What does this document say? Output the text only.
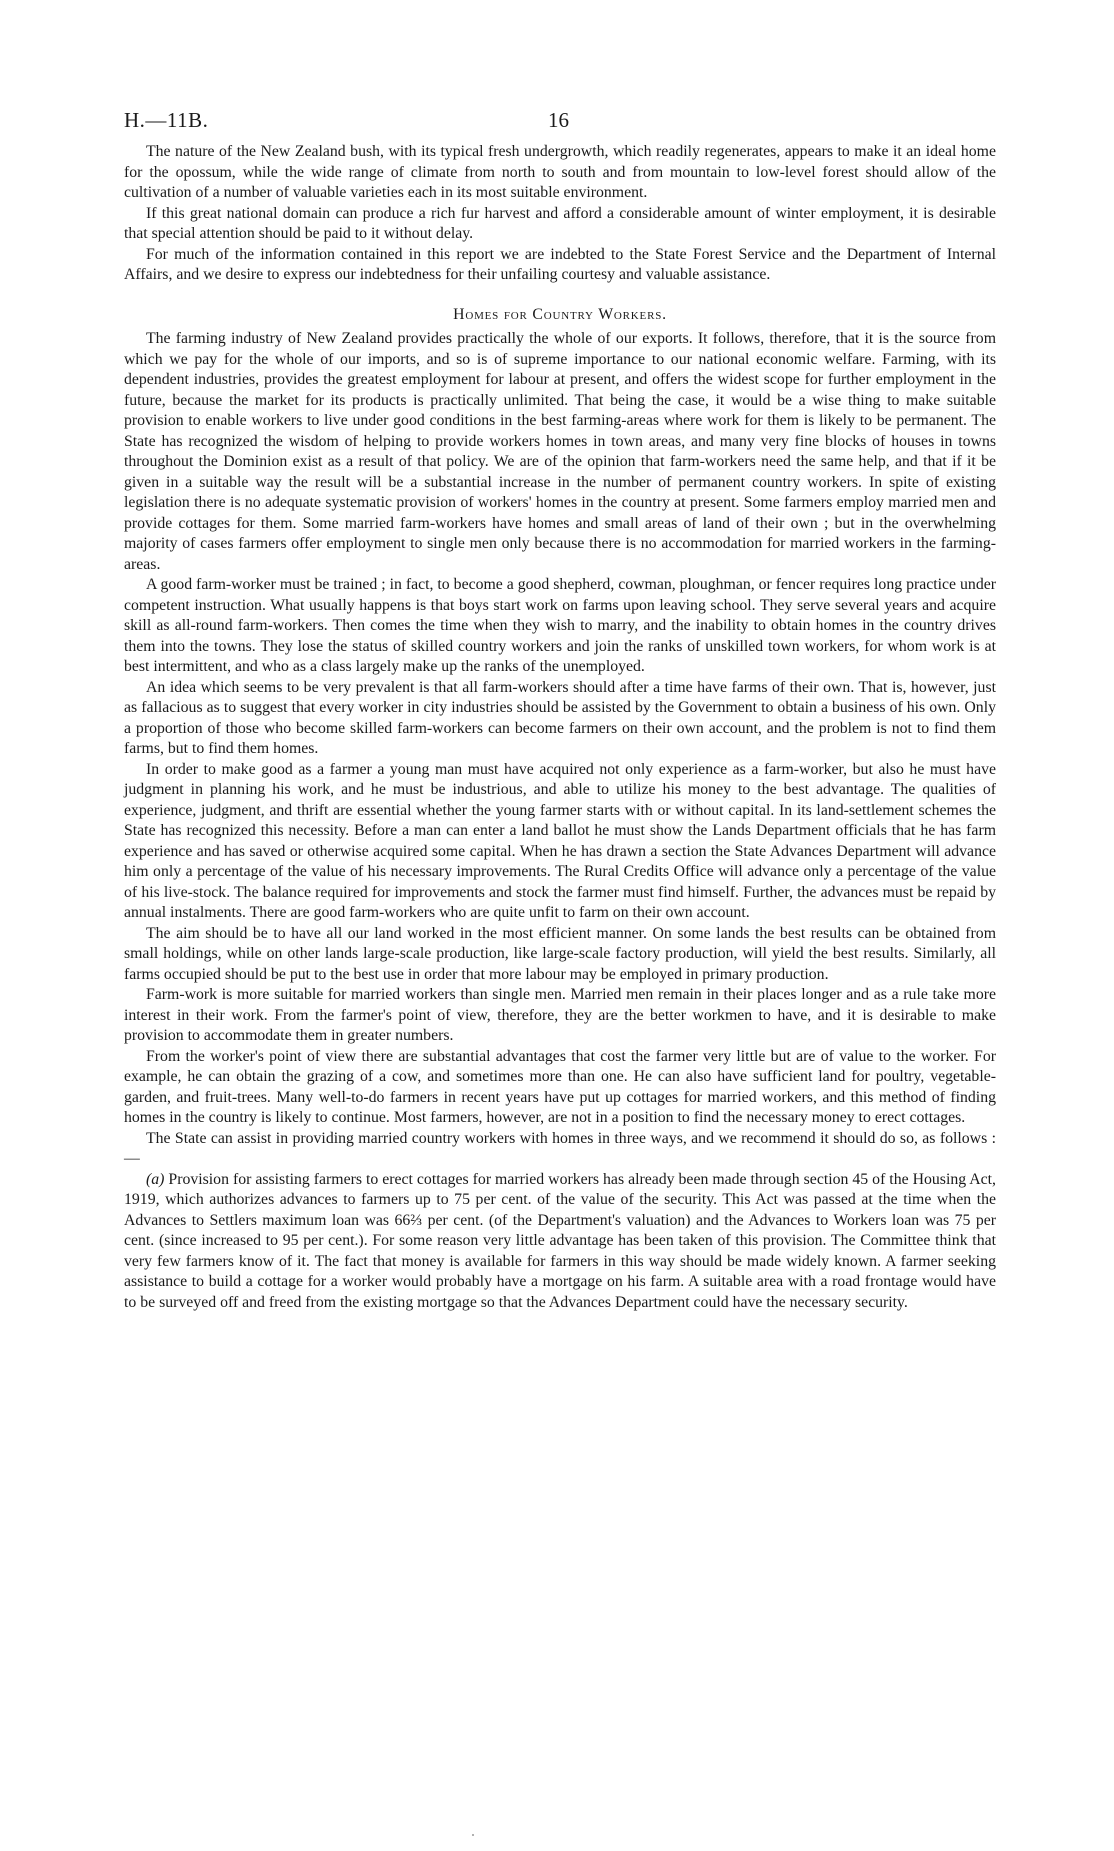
H.—11B.	16

The nature of the New Zealand bush, with its typical fresh undergrowth, which readily regenerates, appears to make it an ideal home for the opossum, while the wide range of climate from north to south and from mountain to low-level forest should allow of the cultivation of a number of valuable varieties each in its most suitable environment.

If this great national domain can produce a rich fur harvest and afford a considerable amount of winter employment, it is desirable that special attention should be paid to it without delay.

For much of the information contained in this report we are indebted to the State Forest Service and the Department of Internal Affairs, and we desire to express our indebtedness for their unfailing courtesy and valuable assistance.

Homes for Country Workers.

The farming industry of New Zealand provides practically the whole of our exports. It follows, therefore, that it is the source from which we pay for the whole of our imports, and so is of supreme importance to our national economic welfare. Farming, with its dependent industries, provides the greatest employment for labour at present, and offers the widest scope for further employment in the future, because the market for its products is practically unlimited. That being the case, it would be a wise thing to make suitable provision to enable workers to live under good conditions in the best farming-areas where work for them is likely to be permanent. The State has recognized the wisdom of helping to provide workers homes in town areas, and many very fine blocks of houses in towns throughout the Dominion exist as a result of that policy. We are of the opinion that farm-workers need the same help, and that if it be given in a suitable way the result will be a substantial increase in the number of permanent country workers. In spite of existing legislation there is no adequate systematic provision of workers' homes in the country at present. Some farmers employ married men and provide cottages for them. Some married farm-workers have homes and small areas of land of their own ; but in the overwhelming majority of cases farmers offer employment to single men only because there is no accommodation for married workers in the farming-areas.

A good farm-worker must be trained ; in fact, to become a good shepherd, cowman, ploughman, or fencer requires long practice under competent instruction. What usually happens is that boys start work on farms upon leaving school. They serve several years and acquire skill as all-round farm-workers. Then comes the time when they wish to marry, and the inability to obtain homes in the country drives them into the towns. They lose the status of skilled country workers and join the ranks of unskilled town workers, for whom work is at best intermittent, and who as a class largely make up the ranks of the unemployed.

An idea which seems to be very prevalent is that all farm-workers should after a time have farms of their own. That is, however, just as fallacious as to suggest that every worker in city industries should be assisted by the Government to obtain a business of his own. Only a proportion of those who become skilled farm-workers can become farmers on their own account, and the problem is not to find them farms, but to find them homes.

In order to make good as a farmer a young man must have acquired not only experience as a farm-worker, but also he must have judgment in planning his work, and he must be industrious, and able to utilize his money to the best advantage. The qualities of experience, judgment, and thrift are essential whether the young farmer starts with or without capital. In its land-settlement schemes the State has recognized this necessity. Before a man can enter a land ballot he must show the Lands Department officials that he has farm experience and has saved or otherwise acquired some capital. When he has drawn a section the State Advances Department will advance him only a percentage of the value of his necessary improvements. The Rural Credits Office will advance only a percentage of the value of his live-stock. The balance required for improvements and stock the farmer must find himself. Further, the advances must be repaid by annual instalments. There are good farm-workers who are quite unfit to farm on their own account.

The aim should be to have all our land worked in the most efficient manner. On some lands the best results can be obtained from small holdings, while on other lands large-scale production, like large-scale factory production, will yield the best results. Similarly, all farms occupied should be put to the best use in order that more labour may be employed in primary production.

Farm-work is more suitable for married workers than single men. Married men remain in their places longer and as a rule take more interest in their work. From the farmer's point of view, therefore, they are the better workmen to have, and it is desirable to make provision to accommodate them in greater numbers.

From the worker's point of view there are substantial advantages that cost the farmer very little but are of value to the worker. For example, he can obtain the grazing of a cow, and sometimes more than one. He can also have sufficient land for poultry, vegetable-garden, and fruit-trees. Many well-to-do farmers in recent years have put up cottages for married workers, and this method of finding homes in the country is likely to continue. Most farmers, however, are not in a position to find the necessary money to erect cottages.

The State can assist in providing married country workers with homes in three ways, and we recommend it should do so, as follows :—

(a) Provision for assisting farmers to erect cottages for married workers has already been made through section 45 of the Housing Act, 1919, which authorizes advances to farmers up to 75 per cent. of the value of the security. This Act was passed at the time when the Advances to Settlers maximum loan was 66⅔ per cent. (of the Department's valuation) and the Advances to Workers loan was 75 per cent. (since increased to 95 per cent.). For some reason very little advantage has been taken of this provision. The Committee think that very few farmers know of it. The fact that money is available for farmers in this way should be made widely known. A farmer seeking assistance to build a cottage for a worker would probably have a mortgage on his farm. A suitable area with a road frontage would have to be surveyed off and freed from the existing mortgage so that the Advances Department could have the necessary security.
